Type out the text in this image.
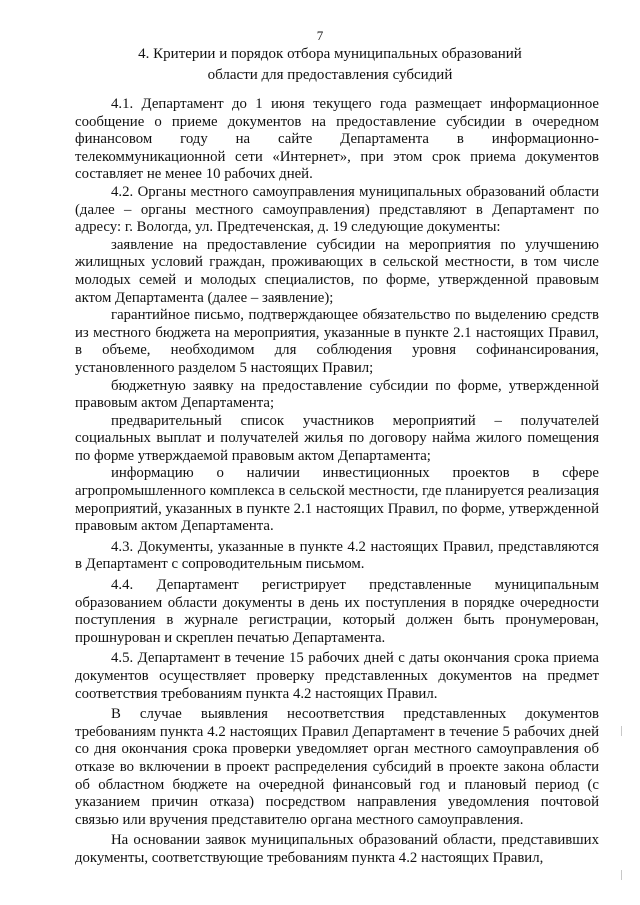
7
4. Критерии и порядок отбора муниципальных образований
области для предоставления субсидий

4.1. Департамент до 1 июня текущего года размещает информационное сообщение о приеме документов на предоставление субсидии в очередном финансовом году на сайте Департамента в информационно-телекоммуникационной сети «Интернет», при этом срок приема документов составляет не менее 10 рабочих дней.

4.2. Органы местного самоуправления муниципальных образований области (далее – органы местного самоуправления) представляют в Департамент по адресу: г. Вологда, ул. Предтеченская, д. 19 следующие документы:

заявление на предоставление субсидии на мероприятия по улучшению жилищных условий граждан, проживающих в сельской местности, в том числе молодых семей и молодых специалистов, по форме, утвержденной правовым актом Департамента (далее – заявление);

гарантийное письмо, подтверждающее обязательство по выделению средств из местного бюджета на мероприятия, указанные в пункте 2.1 настоящих Правил, в объеме, необходимом для соблюдения уровня софинансирования, установленного разделом 5 настоящих Правил;

бюджетную заявку на предоставление субсидии по форме, утвержденной правовым актом Департамента;

предварительный список участников мероприятий – получателей социальных выплат и получателей жилья по договору найма жилого помещения по форме утверждаемой правовым актом Департамента;

информацию о наличии инвестиционных проектов в сфере агропромышленного комплекса в сельской местности, где планируется реализация мероприятий, указанных в пункте 2.1 настоящих Правил, по форме, утвержденной правовым актом Департамента.

4.3. Документы, указанные в пункте 4.2 настоящих Правил, представляются в Департамент с сопроводительным письмом.

4.4. Департамент регистрирует представленные муниципальным образованием области документы в день их поступления в порядке очередности поступления в журнале регистрации, который должен быть пронумерован, прошнурован и скреплен печатью Департамента.

4.5. Департамент в течение 15 рабочих дней с даты окончания срока приема документов осуществляет проверку представленных документов на предмет соответствия требованиям пункта 4.2 настоящих Правил.

В случае выявления несоответствия представленных документов требованиям пункта 4.2 настоящих Правил Департамент в течение 5 рабочих дней со дня окончания срока проверки уведомляет орган местного самоуправления об отказе во включении в проект распределения субсидий в проекте закона области об областном бюджете на очередной финансовый год и плановый период (с указанием причин отказа) посредством направления уведомления почтовой связью или вручения представителю органа местного самоуправления.

На основании заявок муниципальных образований области, представивших документы, соответствующие требованиям пункта 4.2 настоящих Правил,
